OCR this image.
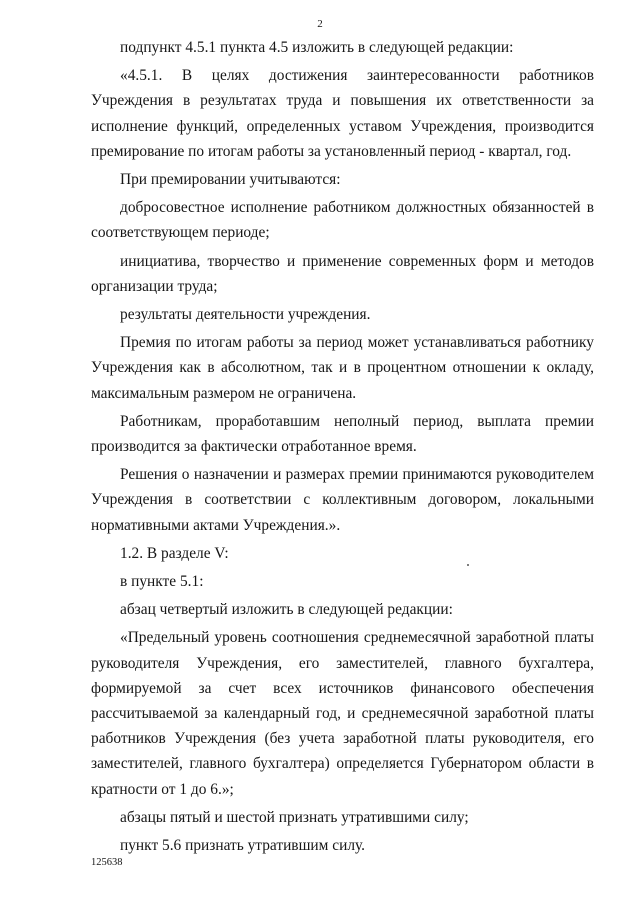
2

подпункт 4.5.1 пункта 4.5 изложить в следующей редакции:

«4.5.1. В целях достижения заинтересованности работников Учреждения в результатах труда и повышения их ответственности за исполнение функций, определенных уставом Учреждения, производится премирование по итогам работы за установленный период - квартал, год.

При премировании учитываются:

добросовестное исполнение работником должностных обязанностей в соответствующем периоде;

инициатива, творчество и применение современных форм и методов организации труда;

результаты деятельности учреждения.

Премия по итогам работы за период может устанавливаться работнику Учреждения как в абсолютном, так и в процентном отношении к окладу, максимальным размером не ограничена.

Работникам, проработавшим неполный период, выплата премии производится за фактически отработанное время.

Решения о назначении и размерах премии принимаются руководителем Учреждения в соответствии с коллективным договором, локальными нормативными актами Учреждения.».

1.2. В разделе V:

в пункте 5.1:

абзац четвертый изложить в следующей редакции:

«Предельный уровень соотношения среднемесячной заработной платы руководителя Учреждения, его заместителей, главного бухгалтера, формируемой за счет всех источников финансового обеспечения рассчитываемой за календарный год, и среднемесячной заработной платы работников Учреждения (без учета заработной платы руководителя, его заместителей, главного бухгалтера) определяется Губернатором области в кратности от 1 до 6.»;

абзацы пятый и шестой признать утратившими силу;

пункт 5.6 признать утратившим силу.

125638
